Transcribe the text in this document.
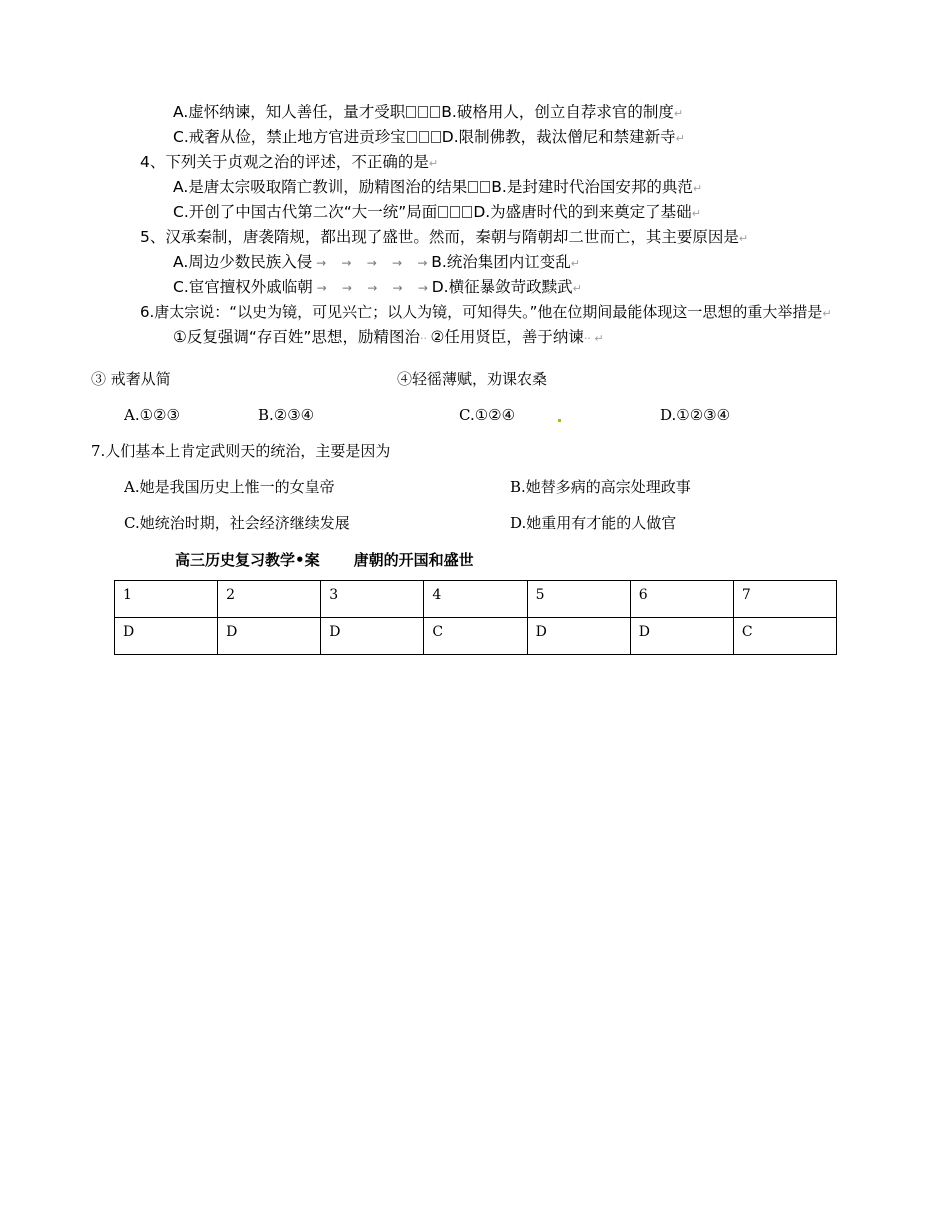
A.虚怀纳谏，知人善任，量才受职 B.破格用人，创立自荐求官的制度↵
C.戒奢从俭，禁止地方官进贡珍宝 D.限制佛教，裁汰僧尼和禁建新寺↵
4、下列关于贞观之治的评述，不正确的是↵
A.是唐太宗吸取隋亡教训，励精图治的结果 B.是封建时代治国安邦的典范↵
C.开创了中国古代第二次“大一统”局面 D.为盛唐时代的到来奠定了基础↵
5、汉承秦制，唐袭隋规，都出现了盛世。然而，秦朝与隋朝却二世而亡，其主要原因是↵
A.周边少数民族入侵 →    →    →    →    → B.统治集团内讧变乱↵
C.宦官擅权外戚临朝 →    →    →    →    → D.横征暴敛苛政黩武↵
6.唐太宗说：“以史为镜，可见兴亡；以人为镜，可知得失。”他在位期间最能体现这一思想的重大举措是↵
①反复强调“存百姓”思想，励精图治·· ②任用贤臣，善于纳谏·· ↵
③ 戒奢从简	④轻徭薄赋，劝课农桑
A.①②③	B.②③④	C.①②④	D.①②③④
7.人们基本上肯定武则天的统治，主要是因为
A.她是我国历史上惟一的女皇帝	B.她替多病的高宗处理政事
C.她统治时期，社会经济继续发展	D.她重用有才能的人做官
高三历史复习教学•案 唐朝的开国和盛世
1	2	3	4	5	6	7
D	D	D	C	D	D	C
